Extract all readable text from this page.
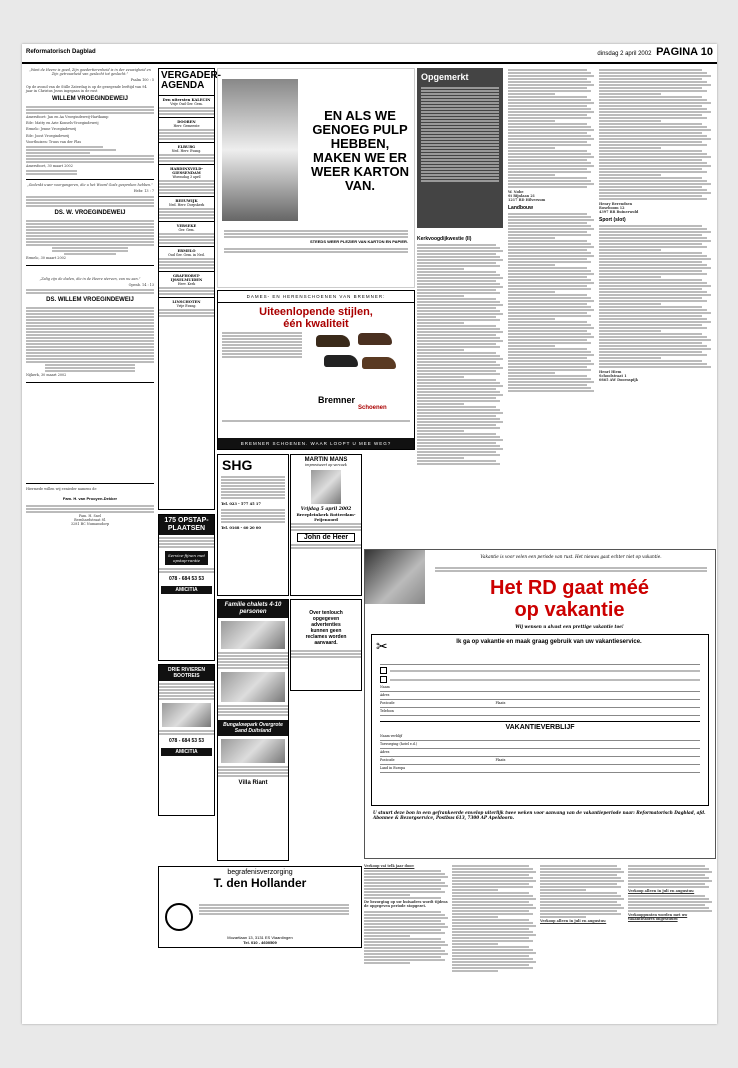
Reformatorisch Dagblad	dinsdag 2 april 2002 PAGINA 10

„Want de Heere is goed, Zijn goedertierenheid is in der eeuwigheid en Zijn getrouwheid van geslacht tot geslacht.”

Psalm 100 : 5

Op de avond van de Stille Zaterdag is op de gezegende leeftijd van 94 jaar in Christus Jezus ingegaan in de rust

WILLEM VROEGINDEWEIJ

Amersfoort: Jan en Aa Vroegindeweij-Hartkamp

Ede: Matty en Arie Konsels-Vroegindeweij

Ermelo: Jenne Vroegindeweij

Ede: Joost Vroegindeweij

Voorthuizen: Truus van der Plas

Amersfoort, 30 maart 2002

„Gedenkt uwer voorgangeren, die u het Woord Gods gesproken hebben.”

Hebr. 13 : 7

DS. W. VROEGINDEWEIJ

Ermelo, 30 maart 2002

„Zalig zijn de doden, die in de Heere sterven, van nu aan.”

Openb. 14 : 13

DS. WILLEM VROEGINDEWEIJ

Nijkerk, 30 maart 2002

Hiermede willen wij eenieder namens de

Fam. H. van Prooyen-Dekker

Fam. H. Snel
Bernhardstraat 81
3281 BC Numansdorp

VERGADER-AGENDA
Den uitersten KALECIN
Vrije Oud Ger. Gem.
DOOREN
Herv. Gemeente
ELBURG
Ned. Herv. Evang.
HARDINXVELD-GIESSENDAM
Woensdag 3 april
REEUWIJK
Ned. Herv. Dorpskerk
YERSEKE
Ger. Gem.
ERMELO
Oud Ger. Gem. in Ned.
GRAFHORST-IJSSELMUIDEN
Herv. Kerk
LINSCHOTEN
Vrije Evang.
175 OPSTAP-PLAATSEN
Service-fijnen met opstap-rantie
078 - 684 53 53
AMICITIA
DRIE RIVIEREN BOOTREIS
078 - 684 53 53
AMICITIA
EN ALS WE GENOEG PULP HEBBEN, MAKEN WE ER WEER KARTON VAN.
STEEDS WEER PLEZIER VAN KARTON EN PAPIER.
DAMES- EN HERENSCHOENEN VAN BREMNER:
Uiteenlopende stijlen,
één kwaliteit
Bremner
Schoenen
BREMNER SCHOENEN. WAAR LOOPT U MEE WEG?
SHG
Tel. 023 - 577 45 17
Tel. 0168 - 60 20 00
MARTIN MANS
improviseert op verzoek
Vrijdag 5 april 2002
Breepleinkerk Rotterdam-Feijenoord
John de Heer
Familie chalets 4-10 personen
Bungalowpark Overgrote Sand Duitsland
Villa Riant
Over tenlouch
opgegeven
advertenties
kunnen geen
reclames worden
aanvaard.
begrafenisverzorging
T. den Hollander
Mozartlaan 13, 3131 ES Vlaardingen
Tel. 010 - 4600509
Opgemerkt
Kerkvoogdijkwestie (II)

W. Nobe
St Rijnlaan 21
1217 BD Hilversum

Landbouw

Henry Berendsen
Roseboom 12
4397 BR Ruinerwold

Sport (slot)

Henri Hiem
Schoolstraat 1
0865 AW Doornspijk

Vakantie is voor velen een periode van rust. Het nieuws gaat echter niet op vakantie.
Het RD gaat méé
op vakantie
Wij wensen u alvast een prettige vakantie toe!
✂	Ik ga op vakantie en maak graag gebruik van uw vakantieservice.
Naam
Adres
Postcode	Plaats
Telefoon
VAKANTIEVERBLIJF
Naam verblijf
Toevoeging (hotel e.d.)
Adres
Postcode	Plaats
Land in Europa
U stuurt deze bon in een gefrankeerde envelop uiterlijk twee weken voor aanvang van de vakantieperiode naar: Reformatorisch Dagblad, afd. Abonnee & Bezorgservice, Postbus 613, 7300 AP Apeldoorn.

Verkoop vai telk jaar door:

De bezorging op uw huisadres wordt tijdens de opgegeven periode stopgezet.

Verkoop alleen in juli en augustus:

Verkoop alleen in juli en augustus:

Verkooppunten worden met uw vakantieadres ongestuurd
